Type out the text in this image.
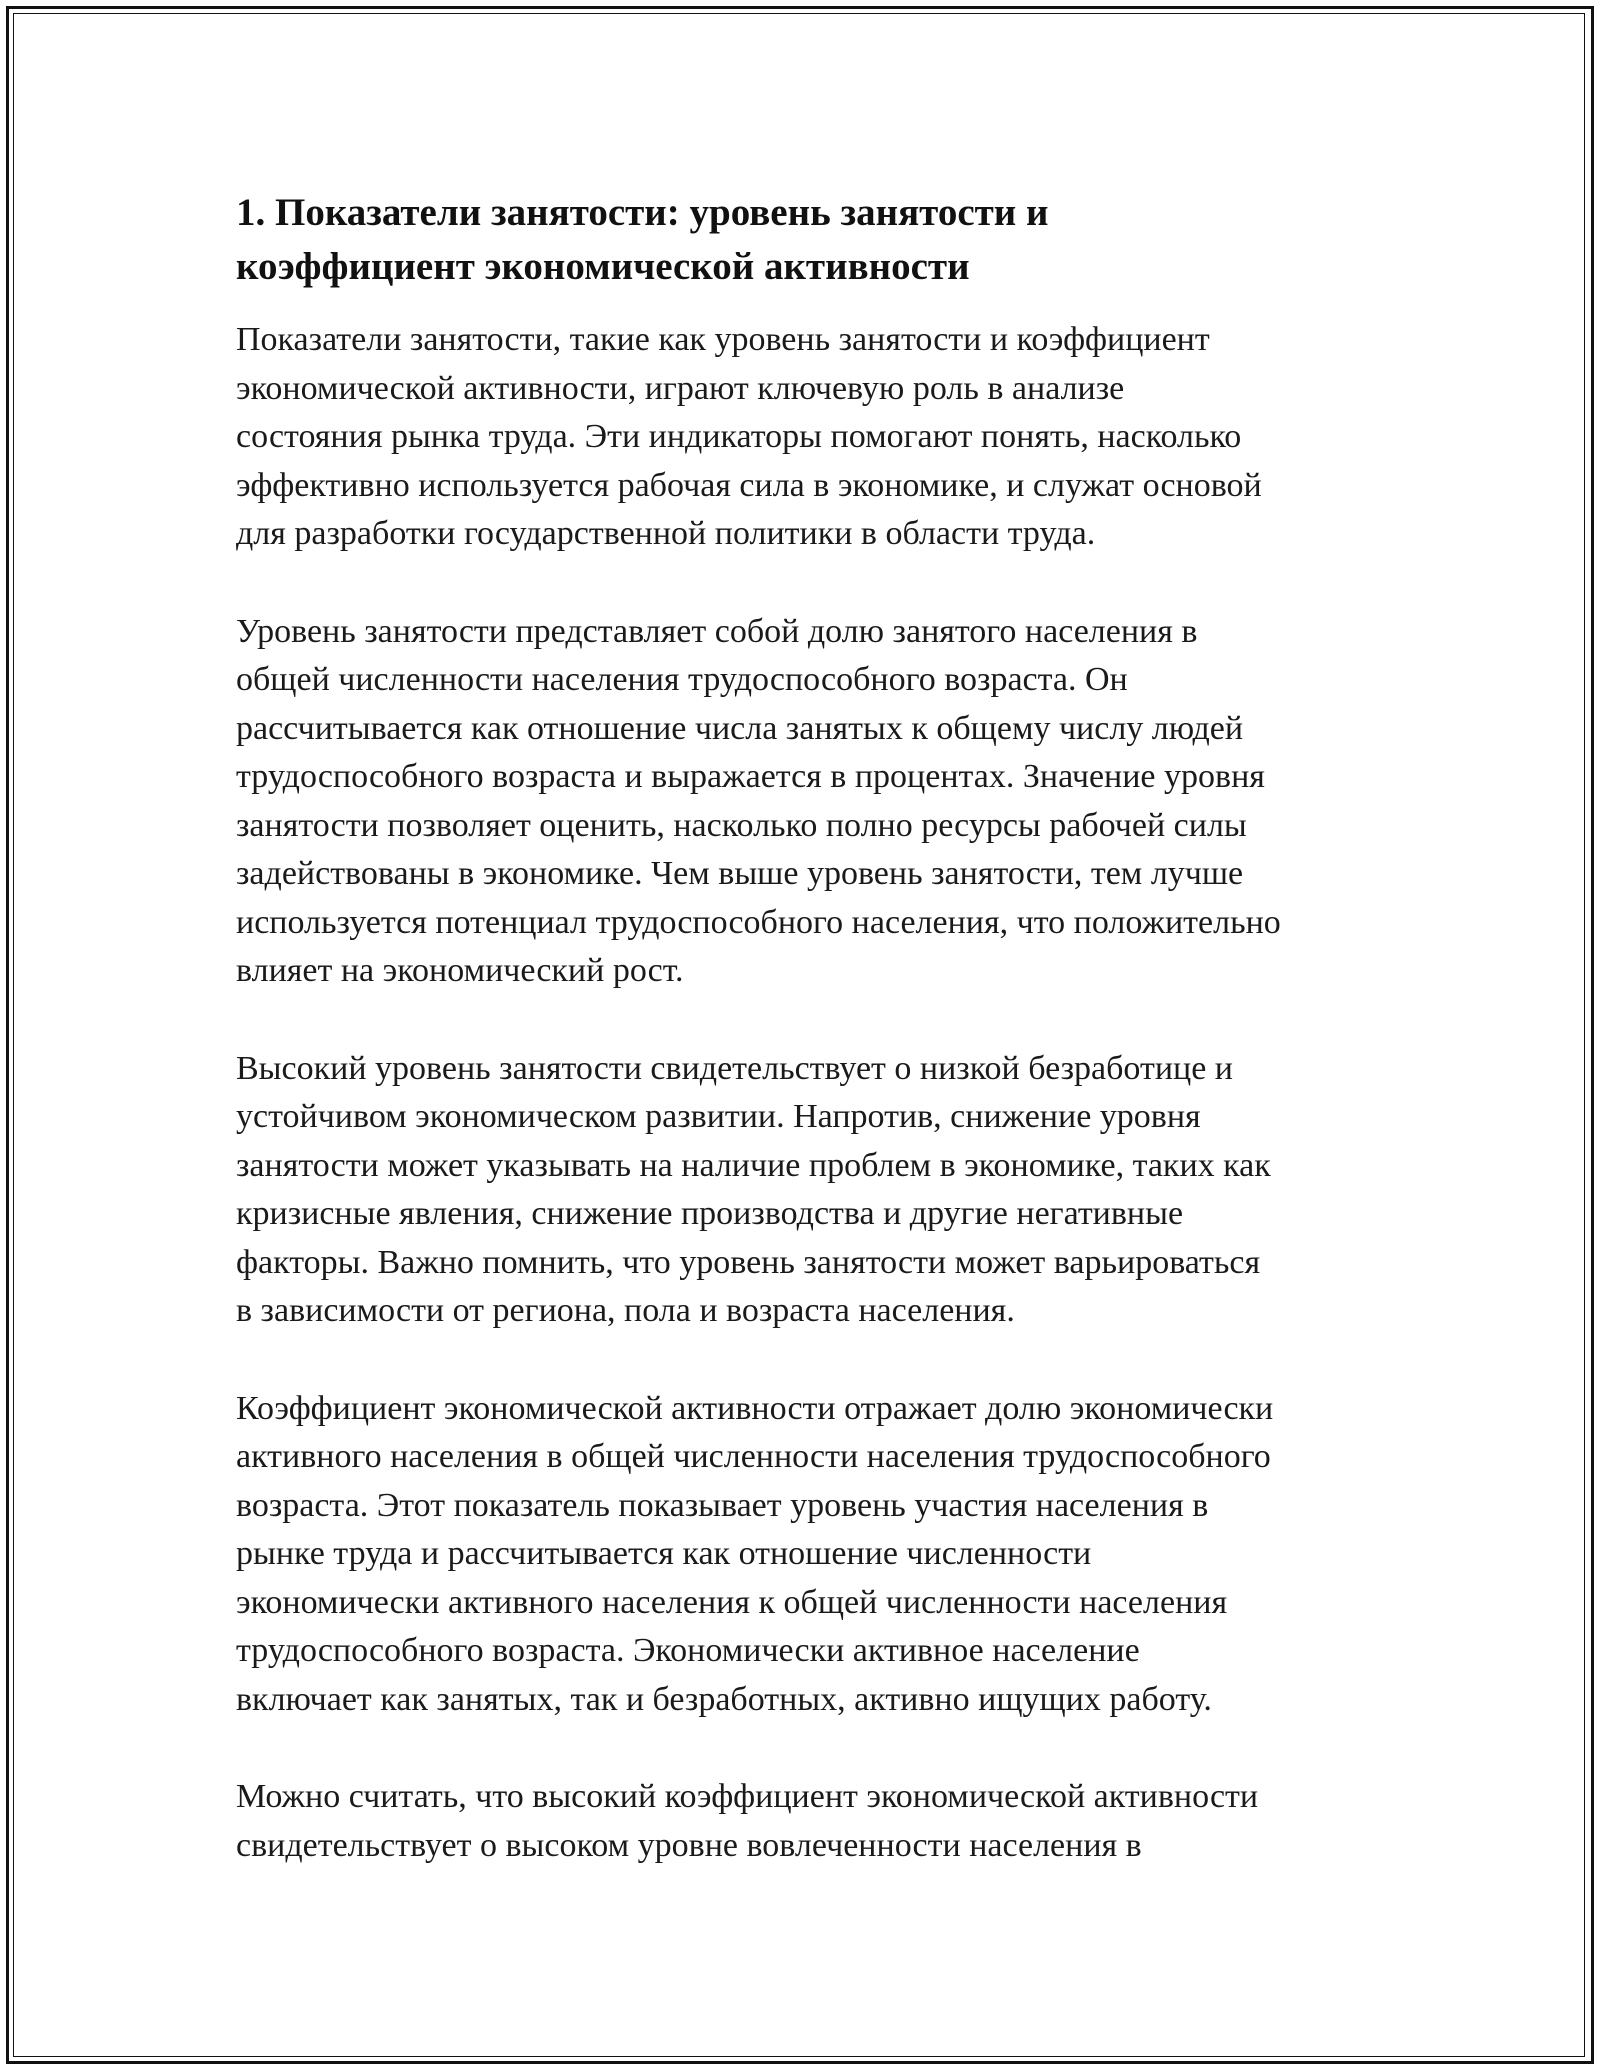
1. Показатели занятости: уровень занятости и
коэффициент экономической активности

Показатели занятости, такие как уровень занятости и коэффициент
экономической активности, играют ключевую роль в анализе
состояния рынка труда. Эти индикаторы помогают понять, насколько
эффективно используется рабочая сила в экономике, и служат основой
для разработки государственной политики в области труда.

Уровень занятости представляет собой долю занятого населения в
общей численности населения трудоспособного возраста. Он
рассчитывается как отношение числа занятых к общему числу людей
трудоспособного возраста и выражается в процентах. Значение уровня
занятости позволяет оценить, насколько полно ресурсы рабочей силы
задействованы в экономике. Чем выше уровень занятости, тем лучше
используется потенциал трудоспособного населения, что положительно
влияет на экономический рост.

Высокий уровень занятости свидетельствует о низкой безработице и
устойчивом экономическом развитии. Напротив, снижение уровня
занятости может указывать на наличие проблем в экономике, таких как
кризисные явления, снижение производства и другие негативные
факторы. Важно помнить, что уровень занятости может варьироваться
в зависимости от региона, пола и возраста населения.

Коэффициент экономической активности отражает долю экономически
активного населения в общей численности населения трудоспособного
возраста. Этот показатель показывает уровень участия населения в
рынке труда и рассчитывается как отношение численности
экономически активного населения к общей численности населения
трудоспособного возраста. Экономически активное население
включает как занятых, так и безработных, активно ищущих работу.

Можно считать, что высокий коэффициент экономической активности
свидетельствует о высоком уровне вовлеченности населения в
